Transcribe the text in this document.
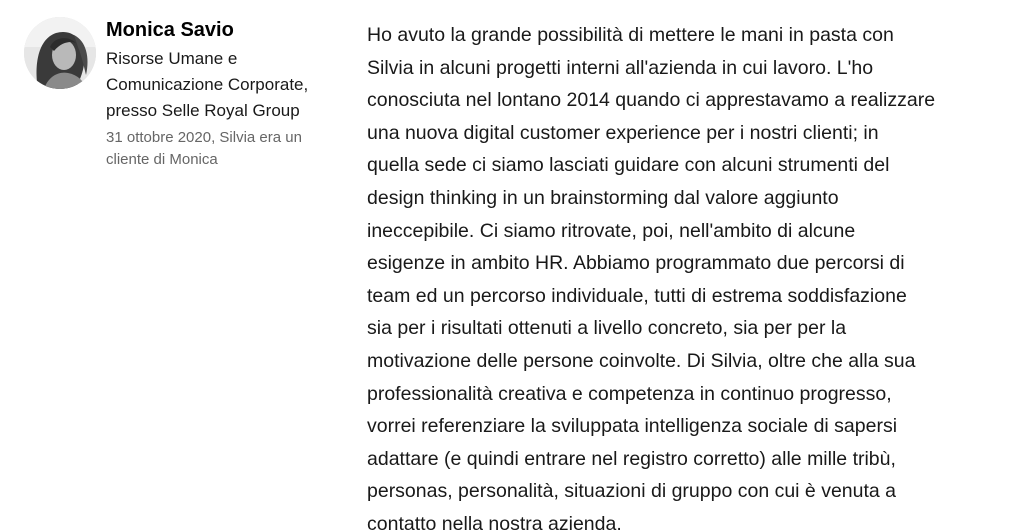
Monica Savio
Risorse Umane e
Comunicazione Corporate,
presso Selle Royal Group
31 ottobre 2020, Silvia era un
cliente di Monica
Ho avuto la grande possibilità di mettere le mani in pasta con
Silvia in alcuni progetti interni all'azienda in cui lavoro. L'ho
conosciuta nel lontano 2014 quando ci apprestavamo a realizzare
una nuova digital customer experience per i nostri clienti; in
quella sede ci siamo lasciati guidare con alcuni strumenti del
design thinking in un brainstorming dal valore aggiunto
ineccepibile. Ci siamo ritrovate, poi, nell'ambito di alcune
esigenze in ambito HR. Abbiamo programmato due percorsi di
team ed un percorso individuale, tutti di estrema soddisfazione
sia per i risultati ottenuti a livello concreto, sia per per la
motivazione delle persone coinvolte. Di Silvia, oltre che alla sua
professionalità creativa e competenza in continuo progresso,
vorrei referenziare la sviluppata intelligenza sociale di sapersi
adattare (e quindi entrare nel registro corretto) alle mille tribù,
personas, personalità, situazioni di gruppo con cui è venuta a
contatto nella nostra azienda.
